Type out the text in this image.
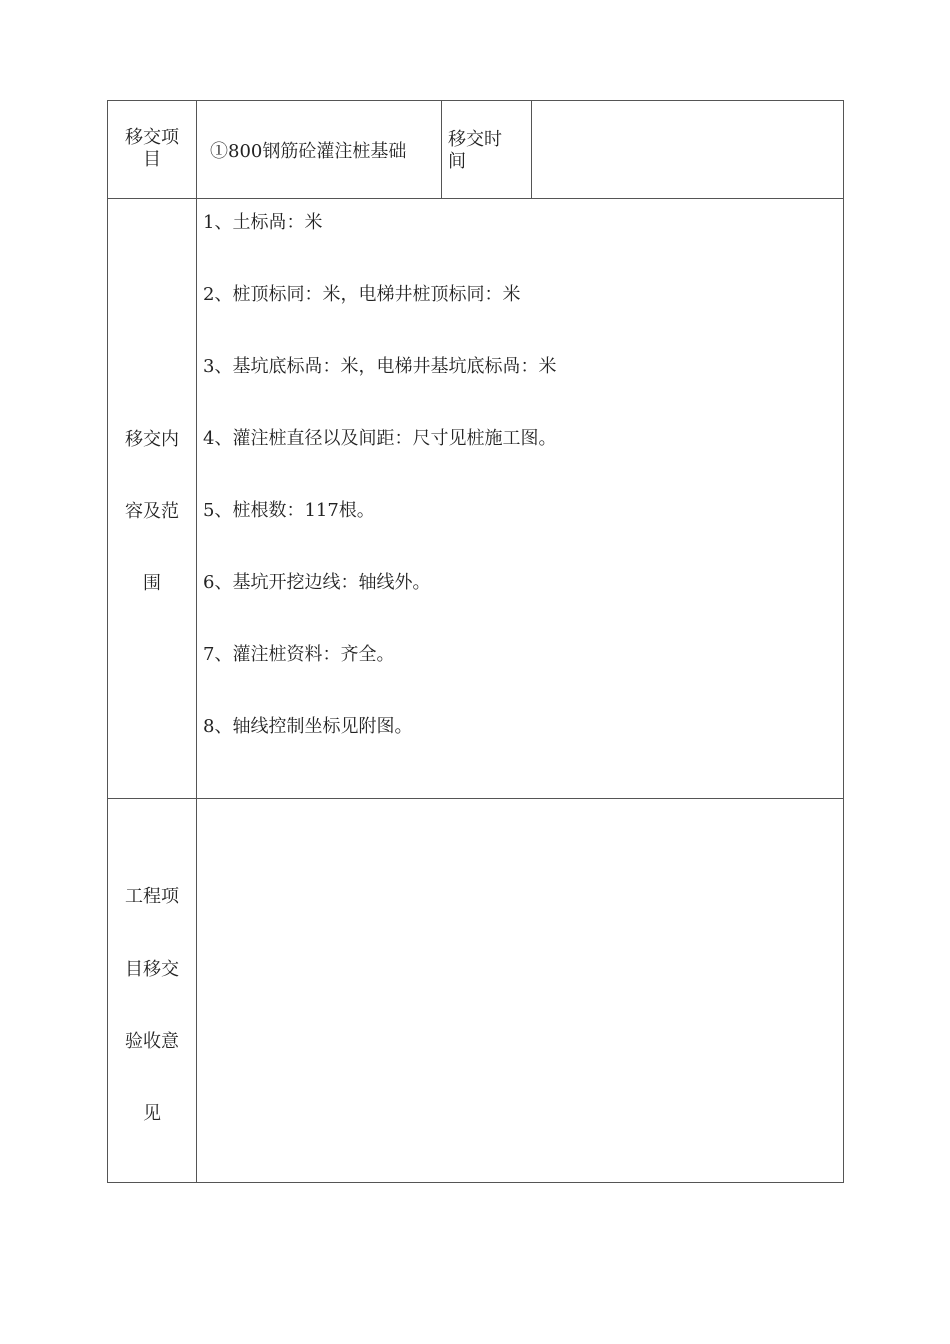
移交项
目	①800钢筋砼灌注桩基础
移交时
间
移交内
容及范
围
1、土标咼：米
2、桩顶标同：米，电梯井桩顶标同：米
3、基坑底标咼：米，电梯井基坑底标咼：米
4、灌注桩直径以及间距：尺寸见桩施工图。
5、桩根数：117根。
6、基坑开挖边线：轴线外。
7、灌注桩资料：齐全。
8、轴线控制坐标见附图。
工程项
目移交
验收意
见
